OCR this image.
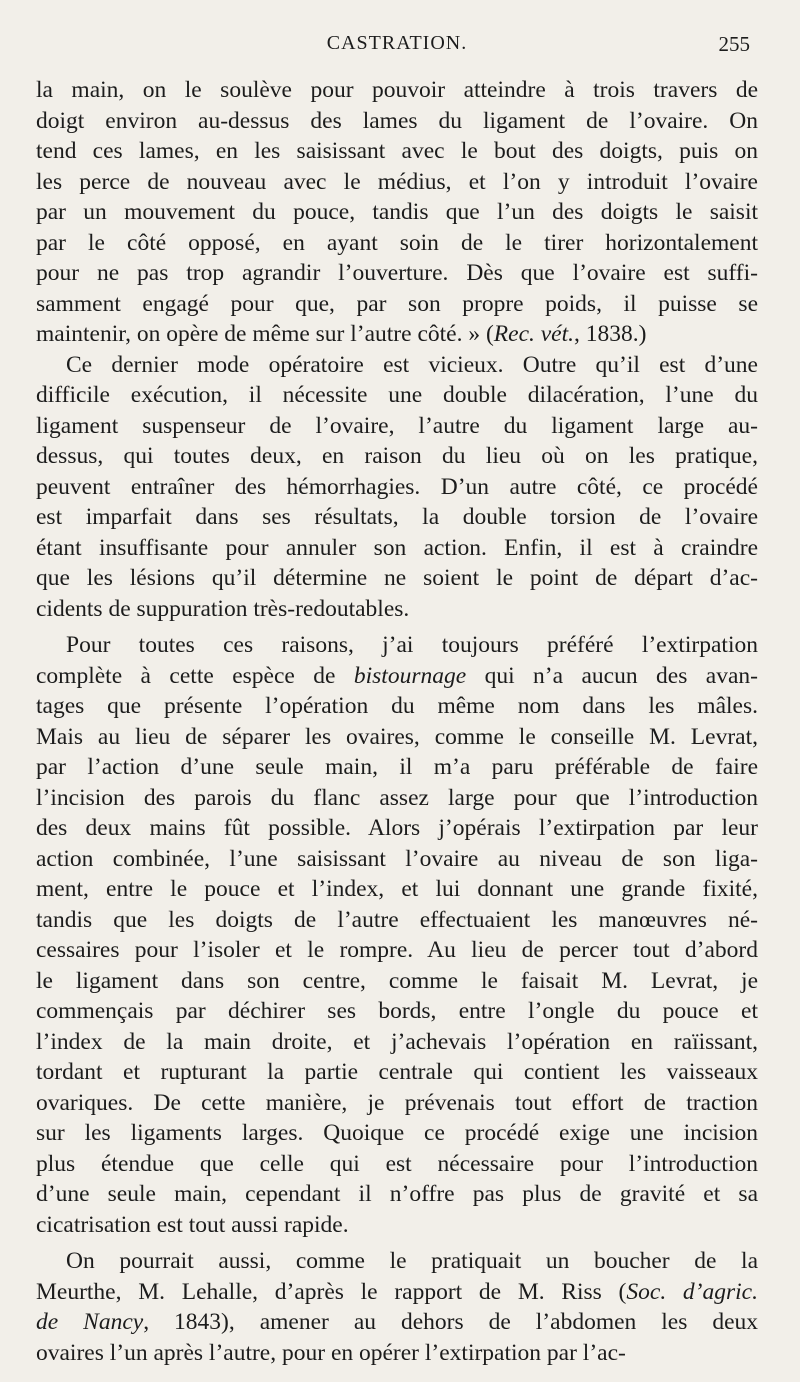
CASTRATION.	255
la main, on le soulève pour pouvoir atteindre à trois travers de
doigt environ au-dessus des lames du ligament de l’ovaire. On
tend ces lames, en les saisissant avec le bout des doigts, puis on
les perce de nouveau avec le médius, et l’on y introduit l’ovaire
par un mouvement du pouce, tandis que l’un des doigts le saisit
par le côté opposé, en ayant soin de le tirer horizontalement
pour ne pas trop agrandir l’ouverture. Dès que l’ovaire est suffi-
samment engagé pour que, par son propre poids, il puisse se
maintenir, on opère de même sur l’autre côté. » (Rec. vét., 1838.)
Ce dernier mode opératoire est vicieux. Outre qu’il est d’une
difficile exécution, il nécessite une double dilacération, l’une du
ligament suspenseur de l’ovaire, l’autre du ligament large au-
dessus, qui toutes deux, en raison du lieu où on les pratique,
peuvent entraîner des hémorrhagies. D’un autre côté, ce procédé
est imparfait dans ses résultats, la double torsion de l’ovaire
étant insuffisante pour annuler son action. Enfin, il est à craindre
que les lésions qu’il détermine ne soient le point de départ d’ac-
cidents de suppuration très-redoutables.
Pour toutes ces raisons, j’ai toujours préféré l’extirpation
complète à cette espèce de bistournage qui n’a aucun des avan-
tages que présente l’opération du même nom dans les mâles.
Mais au lieu de séparer les ovaires, comme le conseille M. Levrat,
par l’action d’une seule main, il m’a paru préférable de faire
l’incision des parois du flanc assez large pour que l’introduction
des deux mains fût possible. Alors j’opérais l’extirpation par leur
action combinée, l’une saisissant l’ovaire au niveau de son liga-
ment, entre le pouce et l’index, et lui donnant une grande fixité,
tandis que les doigts de l’autre effectuaient les manœuvres né-
cessaires pour l’isoler et le rompre. Au lieu de percer tout d’abord
le ligament dans son centre, comme le faisait M. Levrat, je
commençais par déchirer ses bords, entre l’ongle du pouce et
l’index de la main droite, et j’achevais l’opération en raïissant,
tordant et rupturant la partie centrale qui contient les vaisseaux
ovariques. De cette manière, je prévenais tout effort de traction
sur les ligaments larges. Quoique ce procédé exige une incision
plus étendue que celle qui est nécessaire pour l’introduction
d’une seule main, cependant il n’offre pas plus de gravité et sa
cicatrisation est tout aussi rapide.
On pourrait aussi, comme le pratiquait un boucher de la
Meurthe, M. Lehalle, d’après le rapport de M. Riss (Soc. d’agric.
de Nancy, 1843), amener au dehors de l’abdomen les deux
ovaires l’un après l’autre, pour en opérer l’extirpation par l’ac-
